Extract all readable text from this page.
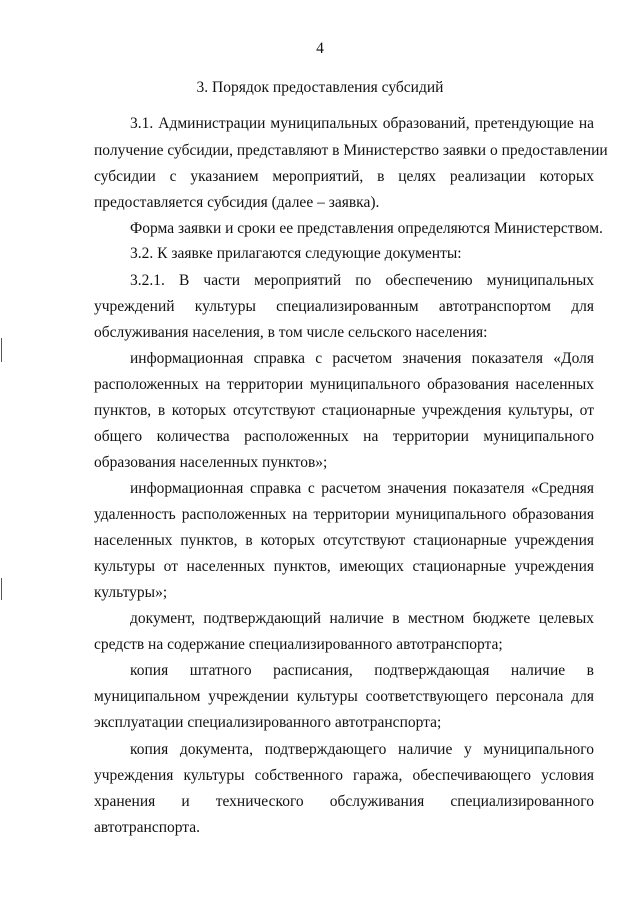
4
3. Порядок предоставления субсидий
3.1. Администрации муниципальных образований, претендующие на
получение субсидии, представляют в Министерство заявки о предоставлении
субсидии с указанием мероприятий, в целях реализации которых
предоставляется субсидия (далее – заявка).
Форма заявки и сроки ее представления определяются Министерством.
3.2. К заявке прилагаются следующие документы:
3.2.1. В части мероприятий по обеспечению муниципальных
учреждений культуры специализированным автотранспортом для
обслуживания населения, в том числе сельского населения:
информационная справка с расчетом значения показателя «Доля
расположенных на территории муниципального образования населенных
пунктов, в которых отсутствуют стационарные учреждения культуры, от
общего количества расположенных на территории муниципального
образования населенных пунктов»;
информационная справка с расчетом значения показателя «Средняя
удаленность расположенных на территории муниципального образования
населенных пунктов, в которых отсутствуют стационарные учреждения
культуры от населенных пунктов, имеющих стационарные учреждения
культуры»;
документ, подтверждающий наличие в местном бюджете целевых
средств на содержание специализированного автотранспорта;
копия штатного расписания, подтверждающая наличие в
муниципальном учреждении культуры соответствующего персонала для
эксплуатации специализированного автотранспорта;
копия документа, подтверждающего наличие у муниципального
учреждения культуры собственного гаража, обеспечивающего условия
хранения и технического обслуживания специализированного
автотранспорта.
